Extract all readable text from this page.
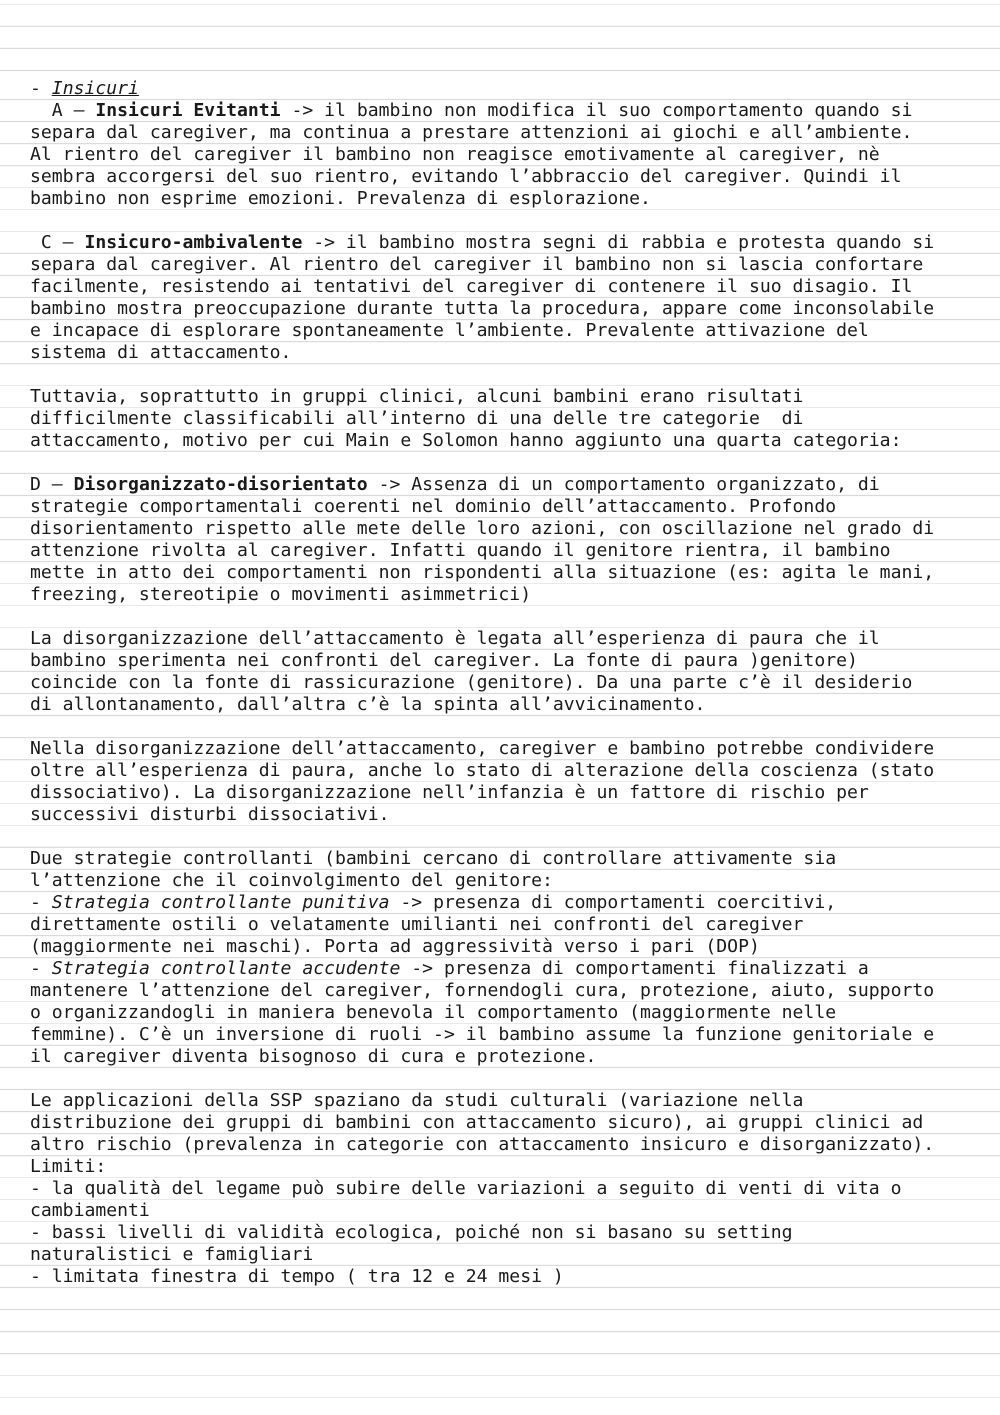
- Insicuri
A – Insicuri Evitanti -> il bambino non modifica il suo comportamento quando si
separa dal caregiver, ma continua a prestare attenzioni ai giochi e all’ambiente.
Al rientro del caregiver il bambino non reagisce emotivamente al caregiver, nè
sembra accorgersi del suo rientro, evitando l’abbraccio del caregiver. Quindi il
bambino non esprime emozioni. Prevalenza di esplorazione.
C – Insicuro-ambivalente -> il bambino mostra segni di rabbia e protesta quando si
separa dal caregiver. Al rientro del caregiver il bambino non si lascia confortare
facilmente, resistendo ai tentativi del caregiver di contenere il suo disagio. Il
bambino mostra preoccupazione durante tutta la procedura, appare come inconsolabile
e incapace di esplorare spontaneamente l’ambiente. Prevalente attivazione del
sistema di attaccamento.
Tuttavia, soprattutto in gruppi clinici, alcuni bambini erano risultati
difficilmente classificabili all’interno di una delle tre categorie  di
attaccamento, motivo per cui Main e Solomon hanno aggiunto una quarta categoria:
D – Disorganizzato-disorientato -> Assenza di un comportamento organizzato, di
strategie comportamentali coerenti nel dominio dell’attaccamento. Profondo
disorientamento rispetto alle mete delle loro azioni, con oscillazione nel grado di
attenzione rivolta al caregiver. Infatti quando il genitore rientra, il bambino
mette in atto dei comportamenti non rispondenti alla situazione (es: agita le mani,
freezing, stereotipie o movimenti asimmetrici)
La disorganizzazione dell’attaccamento è legata all’esperienza di paura che il
bambino sperimenta nei confronti del caregiver. La fonte di paura )genitore)
coincide con la fonte di rassicurazione (genitore). Da una parte c’è il desiderio
di allontanamento, dall’altra c’è la spinta all’avvicinamento.
Nella disorganizzazione dell’attaccamento, caregiver e bambino potrebbe condividere
oltre all’esperienza di paura, anche lo stato di alterazione della coscienza (stato
dissociativo). La disorganizzazione nell’infanzia è un fattore di rischio per
successivi disturbi dissociativi.
Due strategie controllanti (bambini cercano di controllare attivamente sia
l’attenzione che il coinvolgimento del genitore:
- Strategia controllante punitiva -> presenza di comportamenti coercitivi,
direttamente ostili o velatamente umilianti nei confronti del caregiver
(maggiormente nei maschi). Porta ad aggressività verso i pari (DOP)
- Strategia controllante accudente -> presenza di comportamenti finalizzati a
mantenere l’attenzione del caregiver, fornendogli cura, protezione, aiuto, supporto
o organizzandogli in maniera benevola il comportamento (maggiormente nelle
femmine). C’è un inversione di ruoli -> il bambino assume la funzione genitoriale e
il caregiver diventa bisognoso di cura e protezione.
Le applicazioni della SSP spaziano da studi culturali (variazione nella
distribuzione dei gruppi di bambini con attaccamento sicuro), ai gruppi clinici ad
altro rischio (prevalenza in categorie con attaccamento insicuro e disorganizzato).
Limiti:
- la qualità del legame può subire delle variazioni a seguito di venti di vita o
cambiamenti
- bassi livelli di validità ecologica, poiché non si basano su setting
naturalistici e famigliari
- limitata finestra di tempo ( tra 12 e 24 mesi )
